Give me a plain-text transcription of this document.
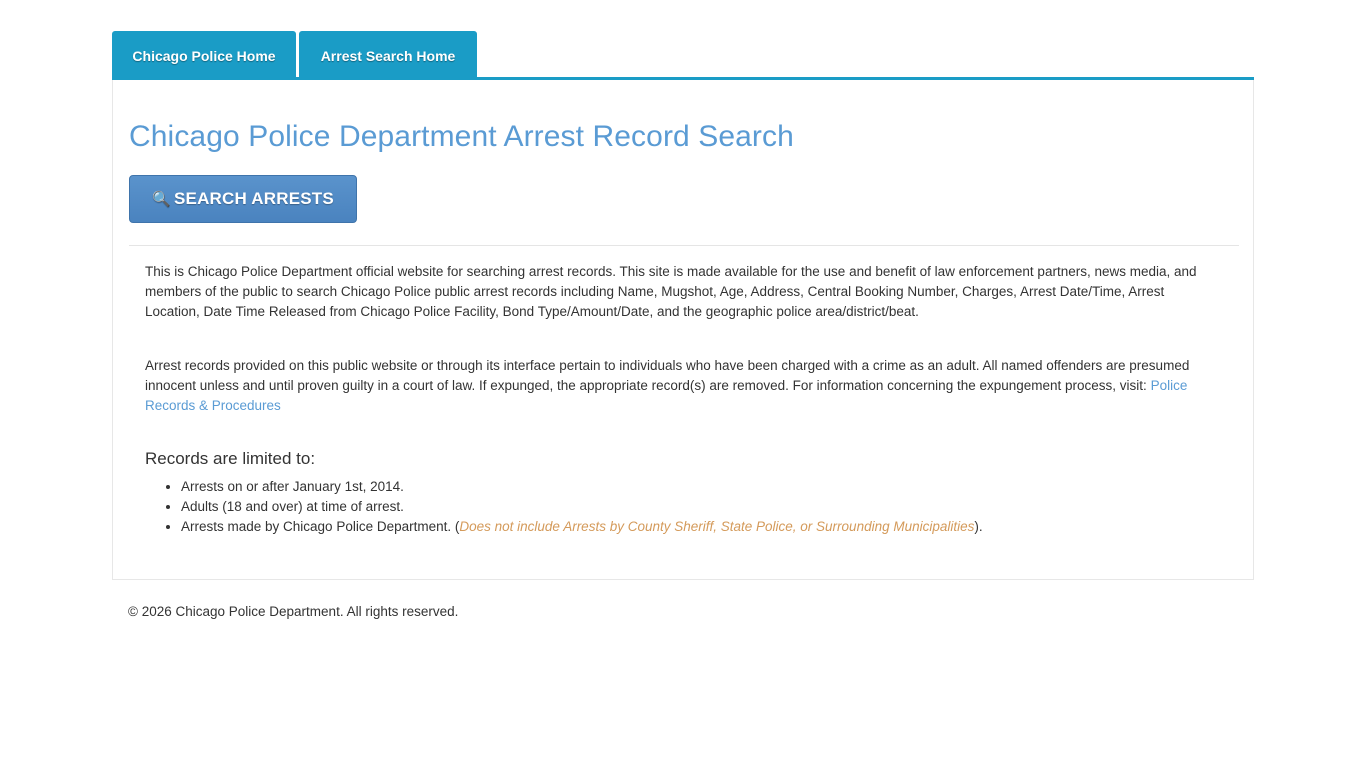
Chicago Police Home	Arrest Search Home
Chicago Police Department Arrest Record Search
🔍 SEARCH ARRESTS

This is Chicago Police Department official website for searching arrest records. This site is made available for the use and benefit of law enforcement partners, news media, and members of the public to search Chicago Police public arrest records including Name, Mugshot, Age, Address, Central Booking Number, Charges, Arrest Date/Time, Arrest Location, Date Time Released from Chicago Police Facility, Bond Type/Amount/Date, and the geographic police area/district/beat.

Arrest records provided on this public website or through its interface pertain to individuals who have been charged with a crime as an adult. All named offenders are presumed innocent unless and until proven guilty in a court of law. If expunged, the appropriate record(s) are removed. For information concerning the expungement process, visit: Police Records & Procedures

Records are limited to:
• Arrests on or after January 1st, 2014.
• Adults (18 and over) at time of arrest.
• Arrests made by Chicago Police Department. (Does not include Arrests by County Sheriff, State Police, or Surrounding Municipalities).
© 2026 Chicago Police Department. All rights reserved.
